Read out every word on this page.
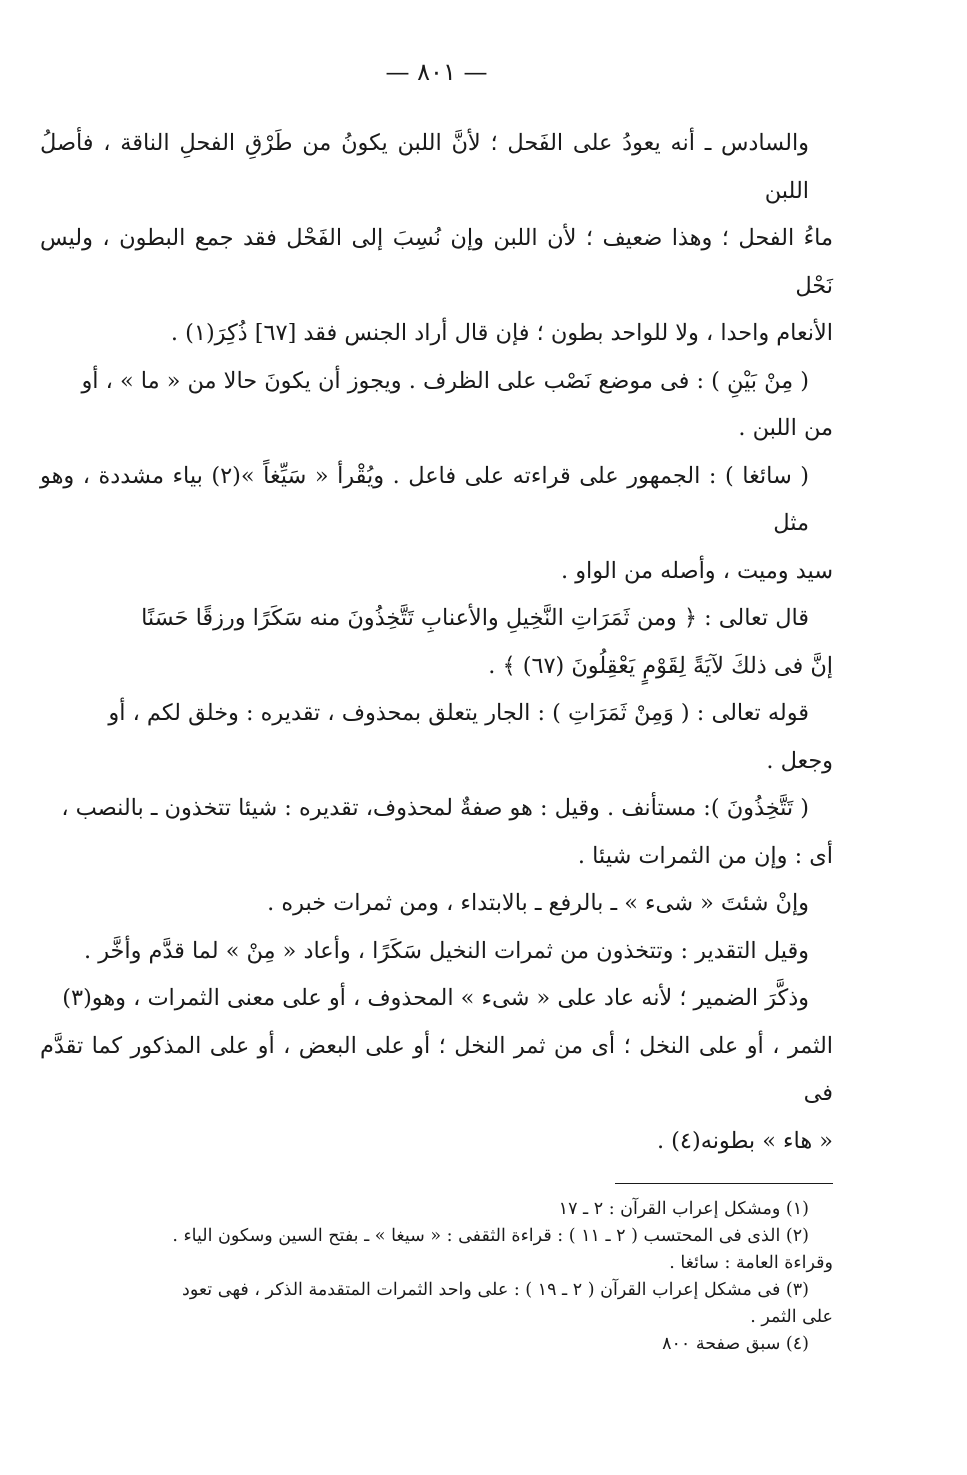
— ٨٠١ —

والسادس ـ أنه يعودُ على الفَحل ؛ لأنَّ اللبن يكونُ من طَرْقِ الفحلِ الناقة ، فأصلُ اللبن

ماءُ الفحل ؛ وهذا ضعيف ؛ لأن اللبن وإن نُسِبَ إلى الفَحْل فقد جمع البطون ، وليس نَحْل

الأنعام واحدا ، ولا للواحد بطون ؛ فإن قال أراد الجنس فقد [٦٧] ذُكِرَ(١) .

( مِنْ بَيْنِ ) : فى موضع نَصْب على الظرف . ويجوز أن يكونَ حالا من « ما » ، أو

من اللبن .

( سائغا ) : الجمهور على قراءته على فاعل . ويُقْرأ « سَيِّغاً »(٢) بياء مشددة ، وهو مثل

سيد وميت ، وأصله من الواو .

قال تعالى : ﴿ ومن ثَمَرَاتِ النَّخِيلِ والأعنابِ تَتَّخِذُونَ منه سَكَرًا ورزقًا حَسَنًا

إنَّ فى ذلكَ لآيَةً لِقَوْمٍ يَعْقِلُونَ (٦٧) ﴾ .

قوله تعالى : ( وَمِنْ ثَمَرَاتِ ) : الجار يتعلق بمحذوف ، تقديره : وخلق لكم ، أو

وجعل .

( تَتَّخِذُونَ ): مستأنف . وقيل : هو صفةٌ لمحذوف، تقديره : شيئا تتخذون ـ بالنصب ،

أى : وإن من الثمرات شيئا .

وإنْ شئتَ « شىء » ـ بالرفع ـ بالابتداء ، ومن ثمرات خبره .

وقيل التقدير : وتتخذون من ثمرات النخيل سَكَرًا ، وأعاد « مِنْ » لما قدَّم وأخَّر .

وذكَّرَ الضمير ؛ لأنه عاد على « شىء » المحذوف ، أو على معنى الثمرات ، وهو(٣)

الثمر ، أو على النخل ؛ أى من ثمر النخل ؛ أو على البعض ، أو على المذكور كما تقدَّم فى

« هاء » بطونه(٤) .

(١) ومشكل إعراب القرآن : ٢ ـ ١٧

(٢) الذى فى المحتسب ( ٢ ـ ١١ ) : قراءة الثقفى : « سيغا » ـ بفتح السين وسكون الياء .

وقراءة العامة : سائغا .

(٣) فى مشكل إعراب القرآن ( ٢ ـ ١٩ ) : على واحد الثمرات المتقدمة الذكر ، فهى تعود

على الثمر .

(٤) سبق صفحة ٨٠٠
